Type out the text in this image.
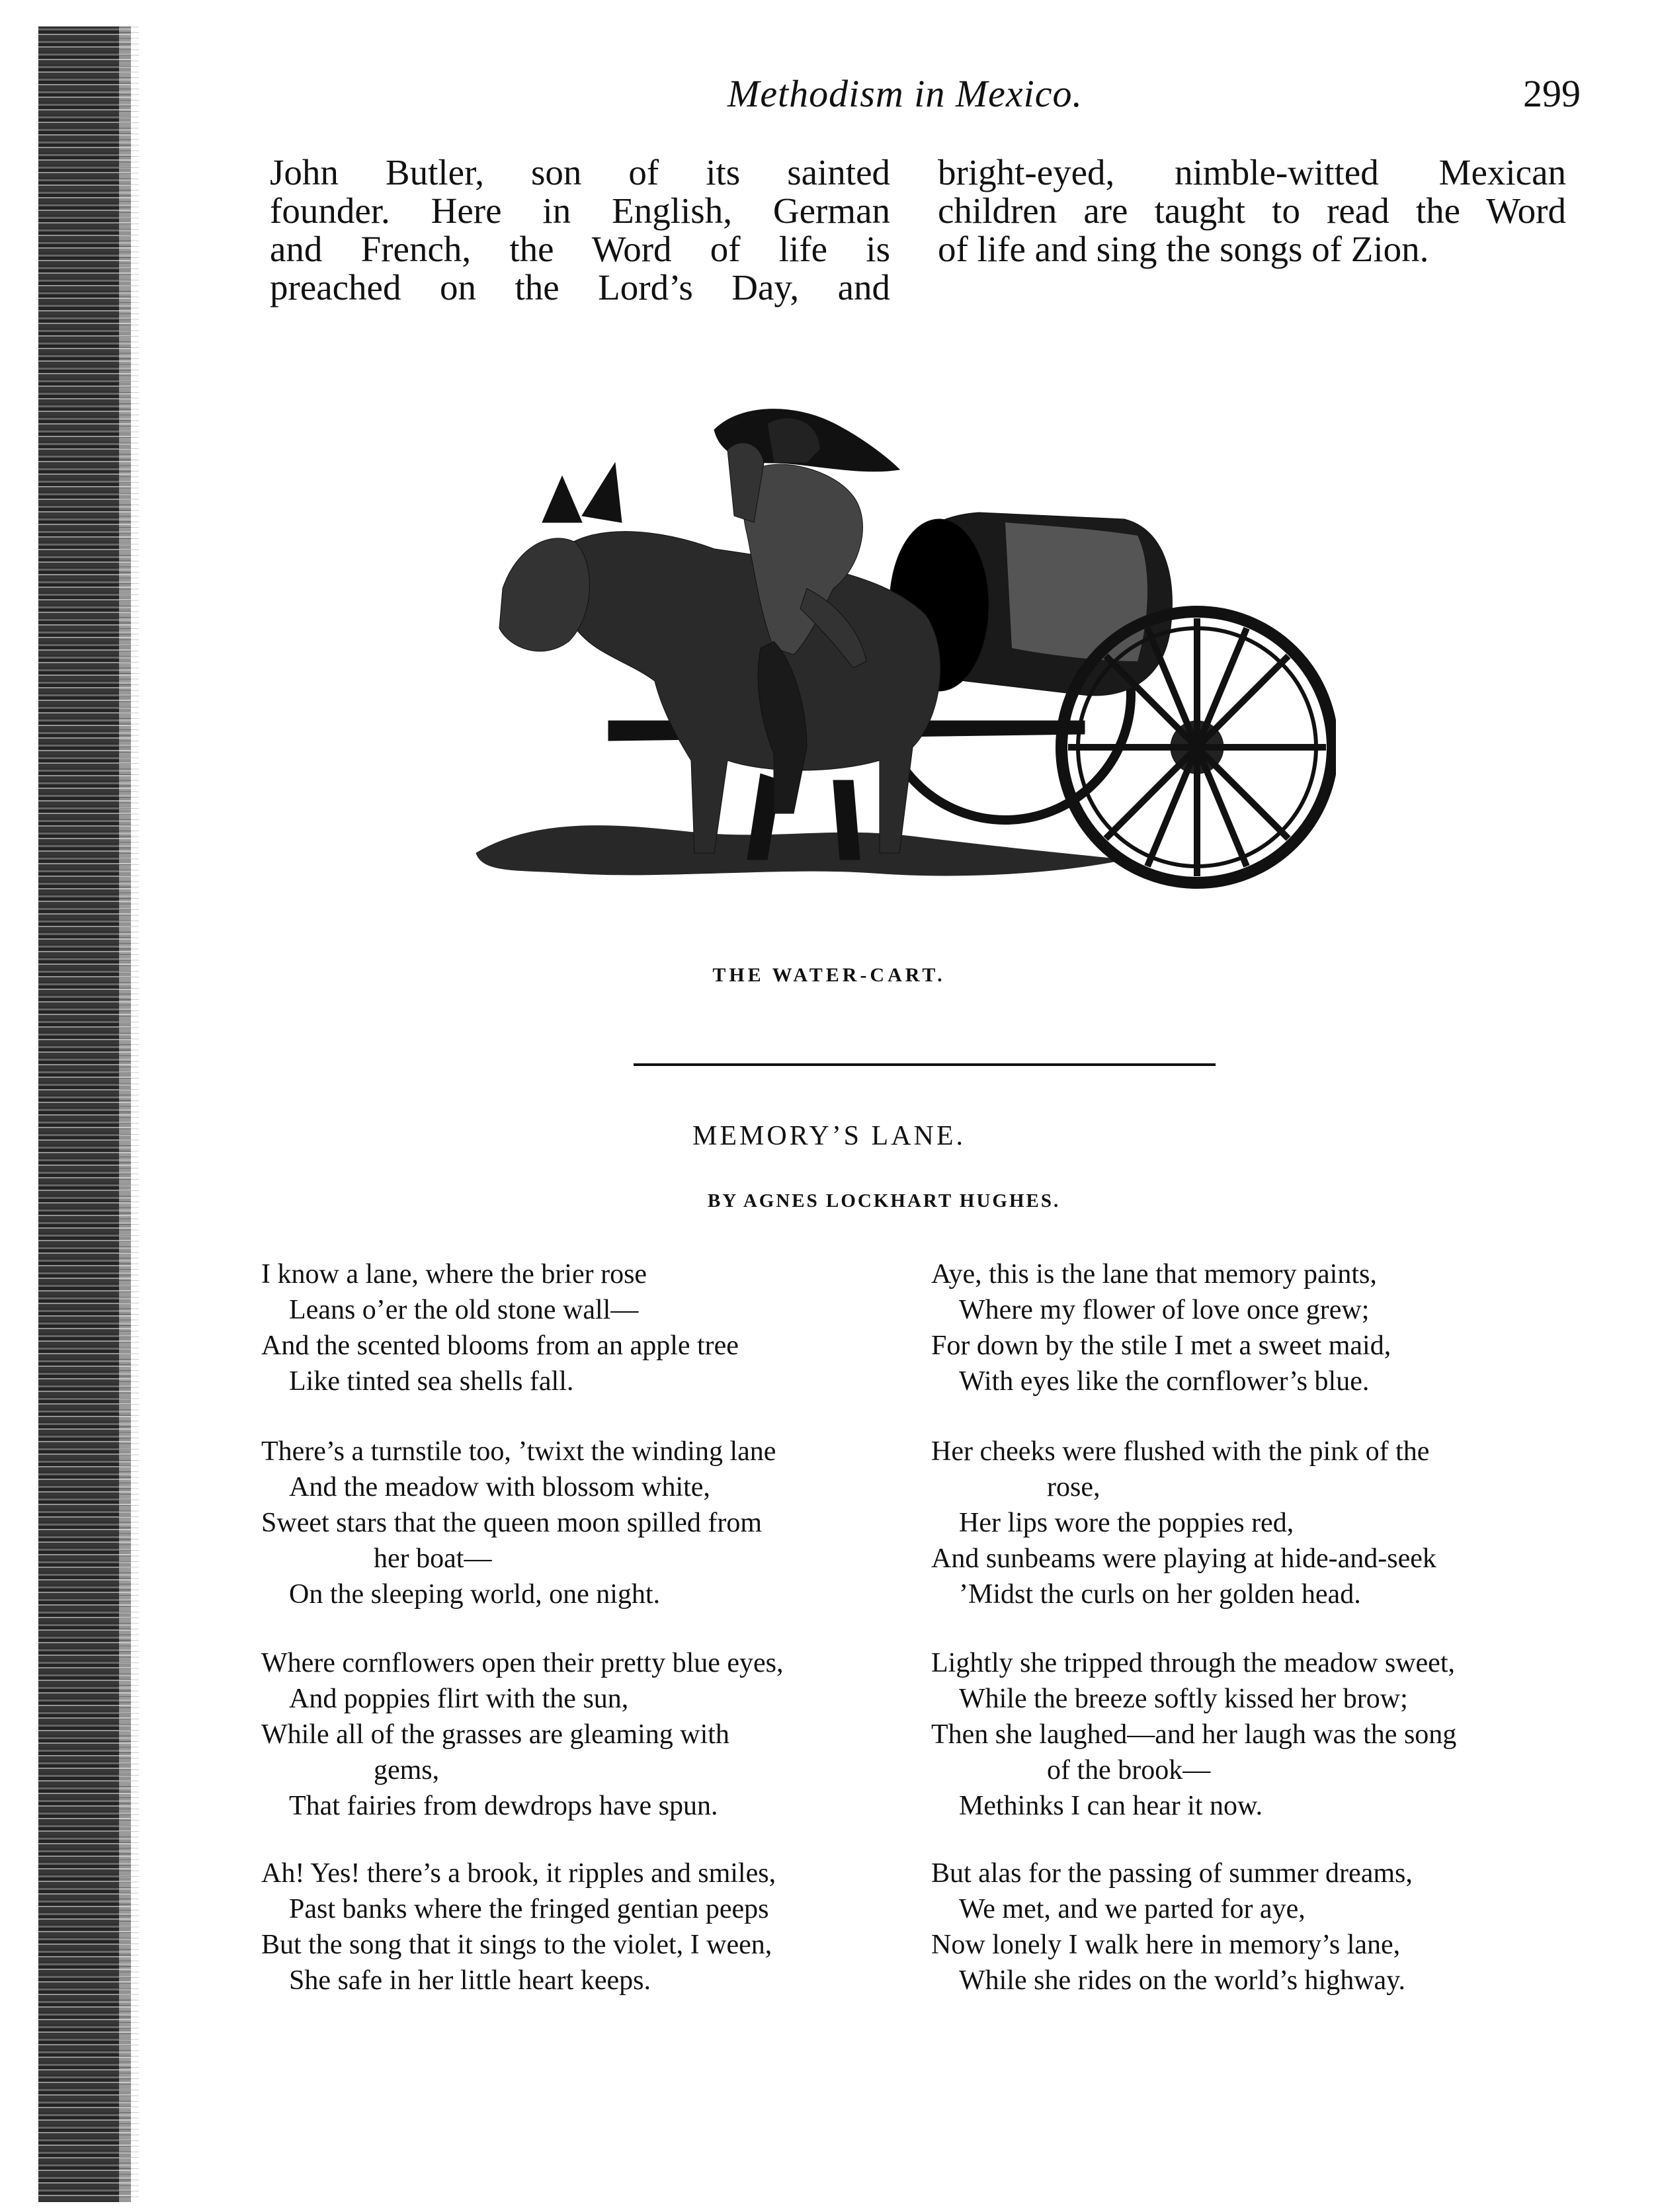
Methodism in Mexico.	299
John Butler, son of its sainted
founder. Here in English, German
and French, the Word of life is
preached on the Lord’s Day, and
bright-eyed, nimble-witted Mexican
children are taught to read the Word
of life and sing the songs of Zion.
THE WATER-CART.
MEMORY’S LANE.
BY AGNES LOCKHART HUGHES.
I know a lane, where the brier rose
Leans o’er the old stone wall—
And the scented blooms from an apple tree
Like tinted sea shells fall.
There’s a turnstile too, ’twixt the winding lane
And the meadow with blossom white,
Sweet stars that the queen moon spilled from
her boat—
On the sleeping world, one night.
Where cornflowers open their pretty blue eyes,
And poppies flirt with the sun,
While all of the grasses are gleaming with
gems,
That fairies from dewdrops have spun.
Ah! Yes! there’s a brook, it ripples and smiles,
Past banks where the fringed gentian peeps
But the song that it sings to the violet, I ween,
She safe in her little heart keeps.
Aye, this is the lane that memory paints,
Where my flower of love once grew;
For down by the stile I met a sweet maid,
With eyes like the cornflower’s blue.
Her cheeks were flushed with the pink of the
rose,
Her lips wore the poppies red,
And sunbeams were playing at hide-and-seek
’Midst the curls on her golden head.
Lightly she tripped through the meadow sweet,
While the breeze softly kissed her brow;
Then she laughed—and her laugh was the song
of the brook—
Methinks I can hear it now.
But alas for the passing of summer dreams,
We met, and we parted for aye,
Now lonely I walk here in memory’s lane,
While she rides on the world’s highway.
